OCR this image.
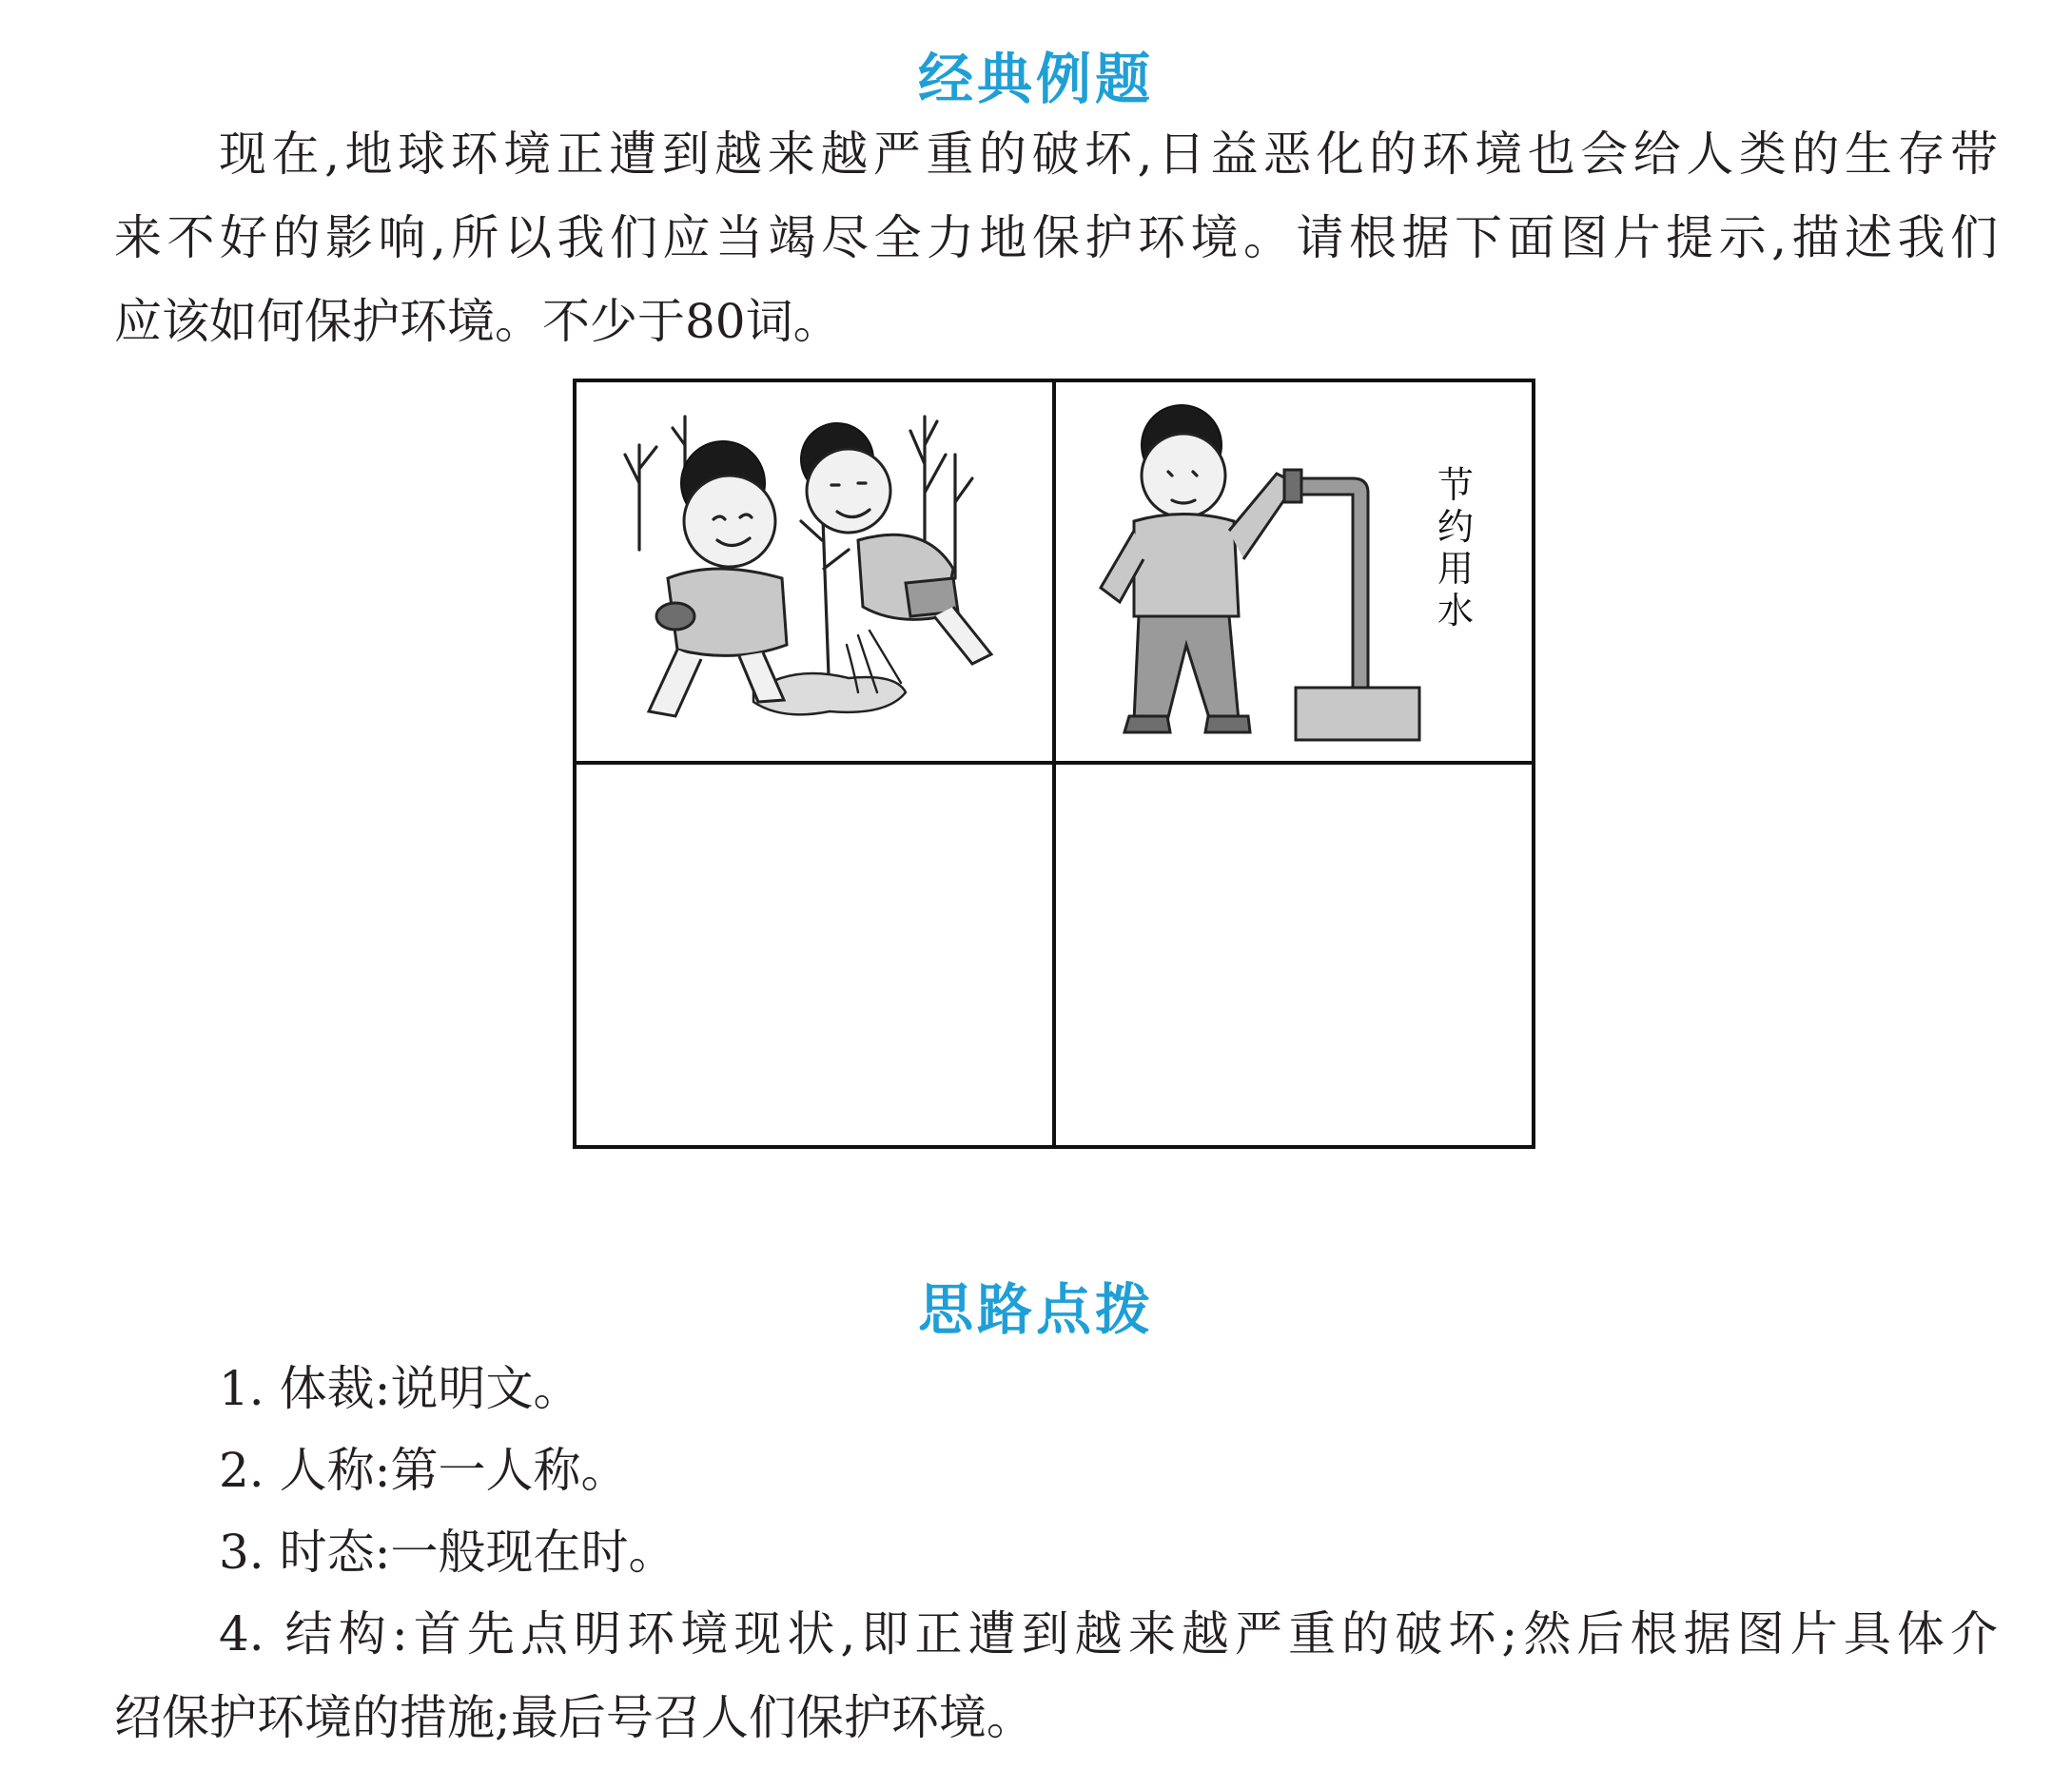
经典例题
现在,地球环境正遭到越来越严重的破坏,日益恶化的环境也会给人类的生存带
来不好的影响,所以我们应当竭尽全力地保护环境。请根据下面图片提示,描述我们
应该如何保护环境。不少于80词。
节
约
用
水
思路点拨
1. 体裁:说明文。
2. 人称:第一人称。
3. 时态:一般现在时。
4. 结构:首先点明环境现状,即正遭到越来越严重的破坏;然后根据图片具体介
绍保护环境的措施;最后号召人们保护环境。
